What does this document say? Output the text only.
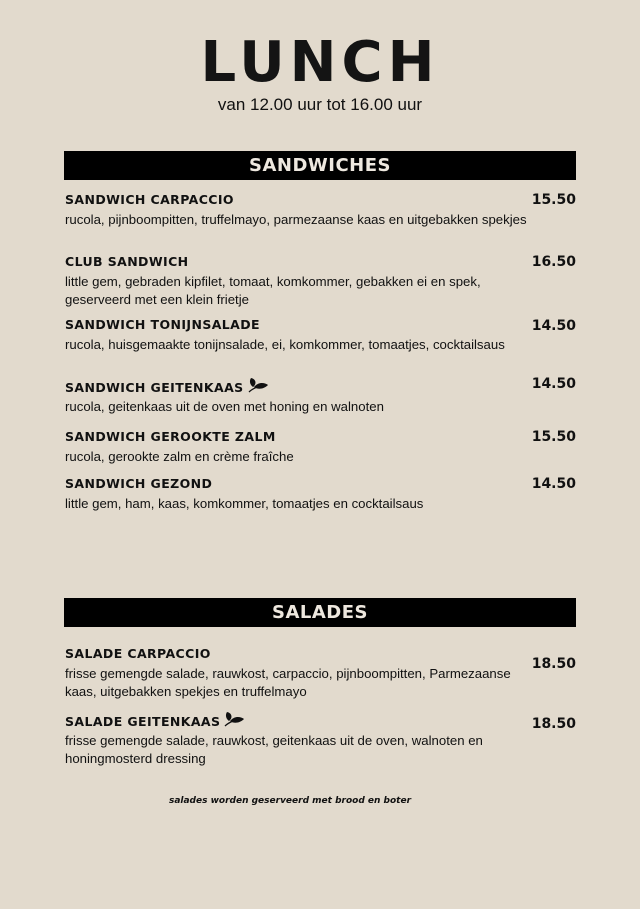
LUNCH
van 12.00 uur tot 16.00 uur
SANDWICHES
SANDWICH CARPACCIO
rucola, pijnboompitten, truffelmayo, parmezaanse kaas en uitgebakken spekjes
15.50
CLUB SANDWICH
little gem, gebraden kipfilet, tomaat, komkommer, gebakken ei en spek, geserveerd met een klein frietje
16.50
SANDWICH TONIJNSALADE
rucola, huisgemaakte tonijnsalade, ei, komkommer, tomaatjes, cocktailsaus
14.50
SANDWICH GEITENKAAS
rucola, geitenkaas uit de oven met honing en walnoten
14.50
SANDWICH GEROOKTE ZALM
rucola, gerookte zalm en crème fraîche
15.50
SANDWICH GEZOND
little gem, ham, kaas, komkommer, tomaatjes en cocktailsaus
14.50
SALADES
SALADE CARPACCIO
frisse gemengde salade, rauwkost, carpaccio, pijnboompitten, Parmezaanse kaas, uitgebakken spekjes en truffelmayo
18.50
SALADE GEITENKAAS
frisse gemengde salade, rauwkost, geitenkaas uit de oven, walnoten en honingmosterd dressing
18.50
salades worden geserveerd met brood en boter
